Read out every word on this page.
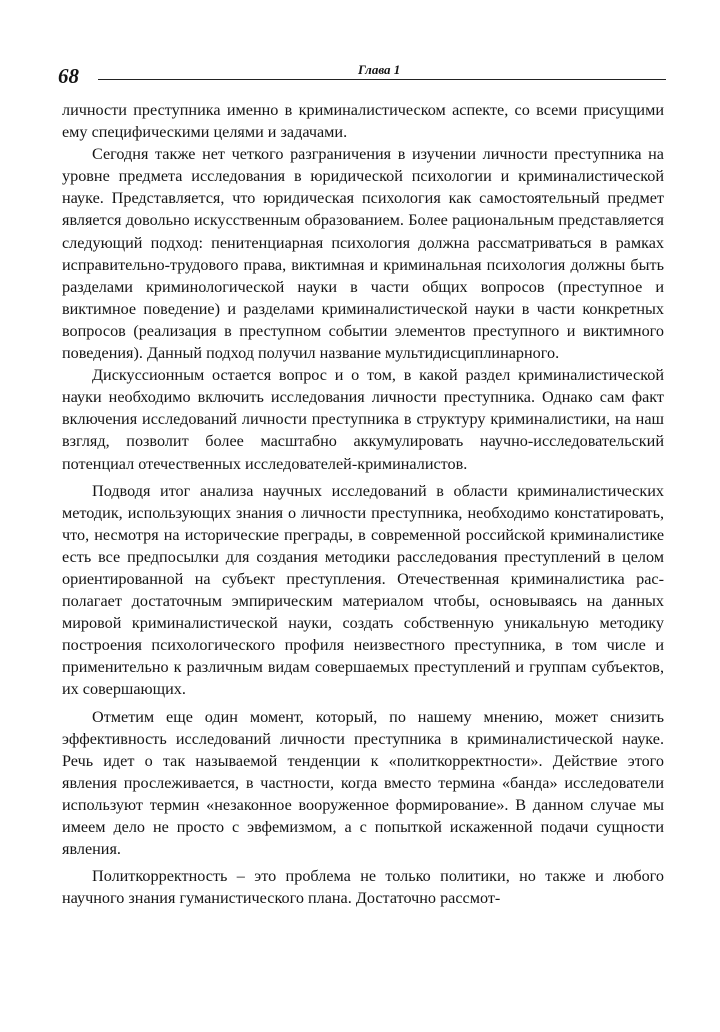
68	Глава 1

личности преступника именно в криминалистическом аспекте, со всеми присущими ему специфическими целями и задачами.

Сегодня также нет четкого разграничения в изучении личности преступника на уровне предмета исследования в юридической психологии и криминалистической науке. Представляется, что юридическая психология как самостоятельный предмет является довольно искусственным образованием. Более рациональным представляется следующий подход: пенитенциарная психология должна рассматриваться в рамках исправительно-трудового права, виктимная и криминальная психология должны быть разделами криминологической науки в части общих вопросов (преступное и виктимное поведение) и разделами криминалистической науки в части конкретных вопросов (реализация в преступном событии элементов преступного и виктимного поведения). Данный подход получил название мультидисциплинарного.

Дискуссионным остается вопрос и о том, в какой раздел криминалистической науки необходимо включить исследования личности преступника. Однако сам факт включения исследований личности преступника в структуру криминалистики, на наш взгляд, позволит более масштабно аккумулировать научно-исследовательский потенциал отечественных исследователей-криминалистов.

Подводя итог анализа научных исследований в области криминалистических методик, использующих знания о личности преступника, необходимо констатировать, что, несмотря на исторические преграды, в современной российской криминалистике есть все предпосылки для создания методики расследования преступлений в целом ориентированной на субъект преступления. Отечественная криминалистика располагает достаточным эмпирическим материалом чтобы, основываясь на данных мировой криминалистической науки, создать собственную уникальную методику построения психологического профиля неизвестного преступника, в том числе и применительно к различным видам совершаемых преступлений и группам субъектов, их совершающих.

Отметим еще один момент, который, по нашему мнению, может снизить эффективность исследований личности преступника в криминалистической науке. Речь идет о так называемой тенденции к «политкорректности». Действие этого явления прослеживается, в частности, когда вместо термина «банда» исследователи используют термин «незаконное вооруженное формирование». В данном случае мы имеем дело не просто с эвфемизмом, а с попыткой искаженной подачи сущности явления.

Политкорректность – это проблема не только политики, но также и любого научного знания гуманистического плана. Достаточно рассмот-
